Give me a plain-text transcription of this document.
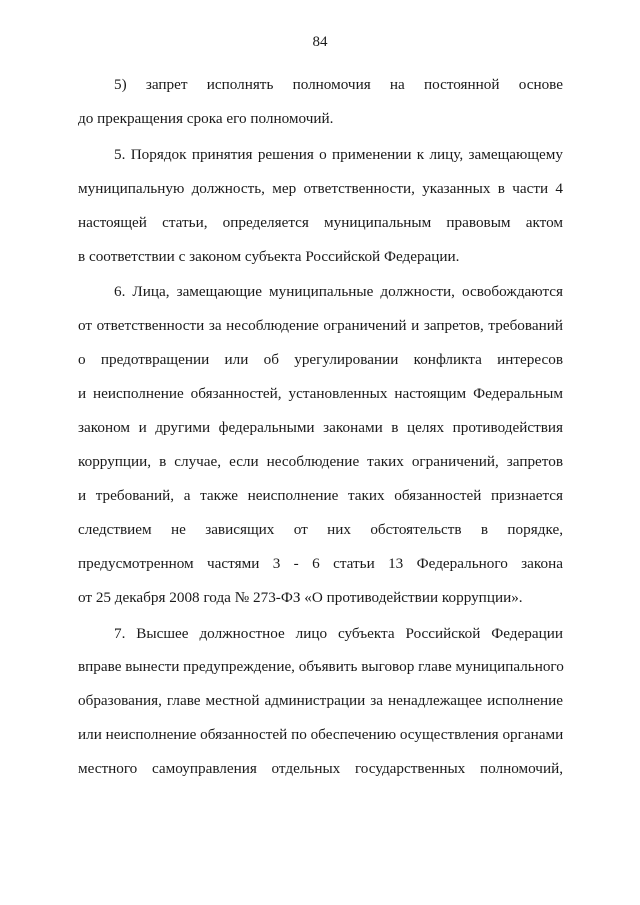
84
5) запрет исполнять полномочия на постоянной основе
до прекращения срока его полномочий.
5. Порядок принятия решения о применении к лицу, замещающему
муниципальную должность, мер ответственности, указанных в части 4
настоящей статьи, определяется муниципальным правовым актом
в соответствии с законом субъекта Российской Федерации.
6. Лица, замещающие муниципальные должности, освобождаются
от ответственности за несоблюдение ограничений и запретов, требований
о предотвращении или об урегулировании конфликта интересов
и неисполнение обязанностей, установленных настоящим Федеральным
законом и другими федеральными законами в целях противодействия
коррупции, в случае, если несоблюдение таких ограничений, запретов
и требований, а также неисполнение таких обязанностей признается
следствием не зависящих от них обстоятельств в порядке,
предусмотренном частями 3 - 6 статьи 13 Федерального закона
от 25 декабря 2008 года № 273-ФЗ «О противодействии коррупции».
7. Высшее должностное лицо субъекта Российской Федерации
вправе вынести предупреждение, объявить выговор главе муниципального
образования, главе местной администрации за ненадлежащее исполнение
или неисполнение обязанностей по обеспечению осуществления органами
местного самоуправления отдельных государственных полномочий,
